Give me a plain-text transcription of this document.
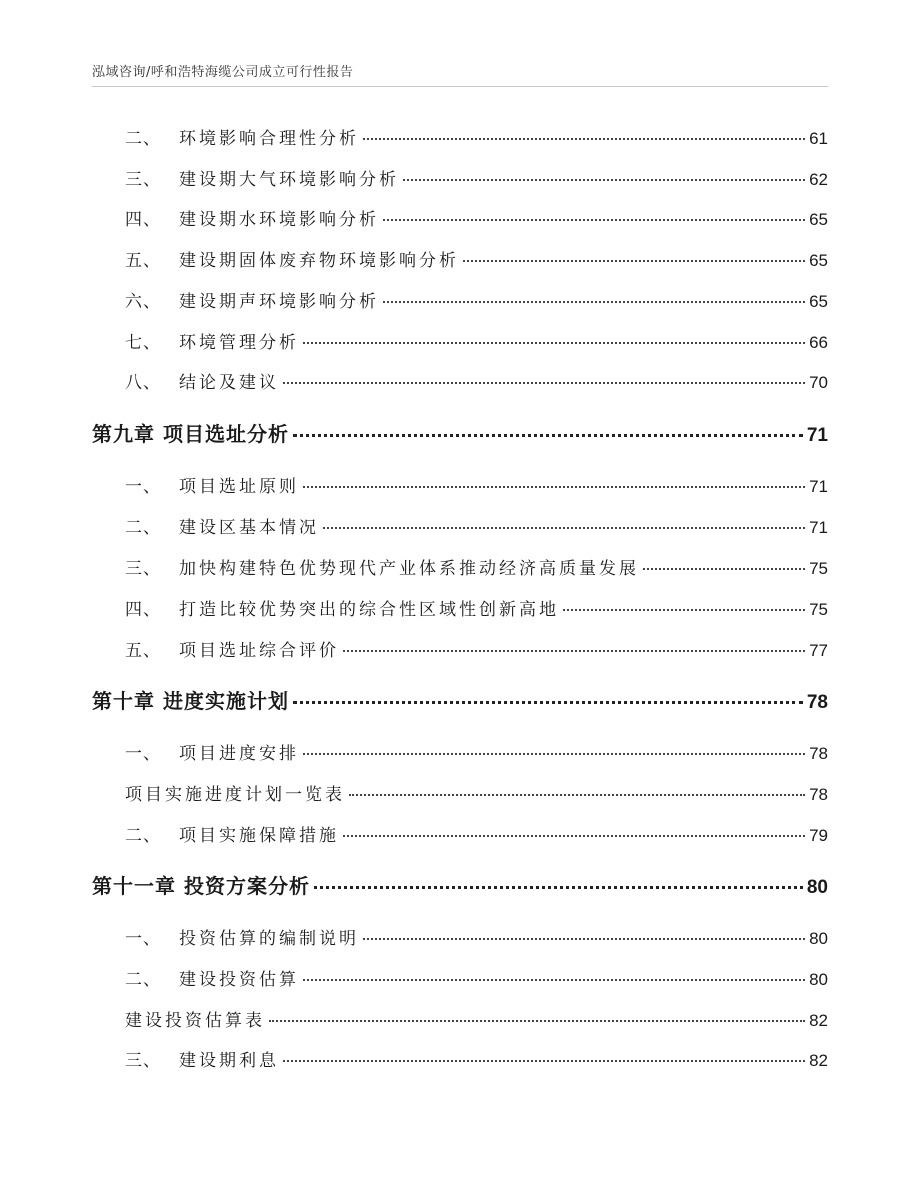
泓域咨询/呼和浩特海缆公司成立可行性报告
二、	环境影响合理性分析	61
三、	建设期大气环境影响分析	62
四、	建设期水环境影响分析	65
五、	建设期固体废弃物环境影响分析	65
六、	建设期声环境影响分析	65
七、	环境管理分析	66
八、	结论及建议	70
第九章 项目选址分析	71
一、	项目选址原则	71
二、	建设区基本情况	71
三、	加快构建特色优势现代产业体系推动经济高质量发展	75
四、	打造比较优势突出的综合性区域性创新高地	75
五、	项目选址综合评价	77
第十章 进度实施计划	78
一、	项目进度安排	78
项目实施进度计划一览表	78
二、	项目实施保障措施	79
第十一章 投资方案分析	80
一、	投资估算的编制说明	80
二、	建设投资估算	80
建设投资估算表	82
三、	建设期利息	82
